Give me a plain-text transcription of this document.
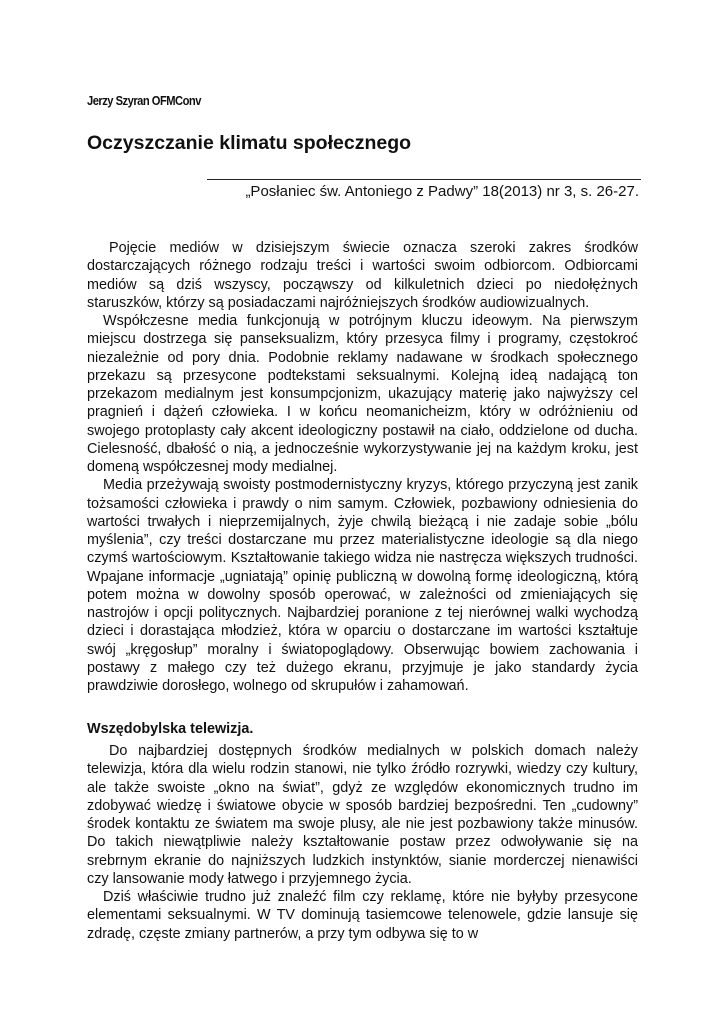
Jerzy Szyran OFMConv
Oczyszczanie klimatu społecznego
„Posłaniec św. Antoniego z Padwy” 18(2013) nr 3, s. 26-27.

Pojęcie mediów w dzisiejszym świecie oznacza szeroki zakres środków dostarczających różnego rodzaju treści i wartości swoim odbiorcom. Odbiorcami mediów są dziś wszyscy, począwszy od kilkuletnich dzieci po niedołężnych staruszków, którzy są posiadaczami najróżniejszych środków audiowizualnych.

Współczesne media funkcjonują w potrójnym kluczu ideowym. Na pierwszym miejscu dostrzega się panseksualizm, który przesyca filmy i programy, częstokroć niezależnie od pory dnia. Podobnie reklamy nadawane w środkach społecznego przekazu są przesycone podtekstami seksualnymi. Kolejną ideą nadającą ton przekazom medialnym jest konsumpcjonizm, ukazujący materię jako najwyższy cel pragnień i dążeń człowieka. I w końcu neomanicheizm, który w odróżnieniu od swojego protoplasty cały akcent ideologiczny postawił na ciało, oddzielone od ducha. Cielesność, dbałość o nią, a jednocześnie wykorzystywanie jej na każdym kroku, jest domeną współczesnej mody medialnej.

Media przeżywają swoisty postmodernistyczny kryzys, którego przyczyną jest zanik tożsamości człowieka i prawdy o nim samym. Człowiek, pozbawiony odniesienia do wartości trwałych i nieprzemijalnych, żyje chwilą bieżącą i nie zadaje sobie „bólu myślenia”, czy treści dostarczane mu przez materialistyczne ideologie są dla niego czymś wartościowym. Kształtowanie takiego widza nie nastręcza większych trudności. Wpajane informacje „ugniatają” opinię publiczną w dowolną formę ideologiczną, którą potem można w dowolny sposób operować, w zależności od zmieniających się nastrojów i opcji politycznych. Najbardziej poranione z tej nierównej walki wychodzą dzieci i dorastająca młodzież, która w oparciu o dostarczane im wartości kształtuje swój „kręgosłup” moralny i światopoglądowy. Obserwując bowiem zachowania i postawy z małego czy też dużego ekranu, przyjmuje je jako standardy życia prawdziwie dorosłego, wolnego od skrupułów i zahamowań.

Wszędobylska telewizja.

Do najbardziej dostępnych środków medialnych w polskich domach należy telewizja, która dla wielu rodzin stanowi, nie tylko źródło rozrywki, wiedzy czy kultury, ale także swoiste „okno na świat”, gdyż ze względów ekonomicznych trudno im zdobywać wiedzę i światowe obycie w sposób bardziej bezpośredni. Ten „cudowny” środek kontaktu ze światem ma swoje plusy, ale nie jest pozbawiony także minusów. Do takich niewątpliwie należy kształtowanie postaw przez odwoływanie się na srebrnym ekranie do najniższych ludzkich instynktów, sianie morderczej nienawiści czy lansowanie mody łatwego i przyjemnego życia.

Dziś właściwie trudno już znaleźć film czy reklamę, które nie byłyby przesycone elementami seksualnymi. W TV dominują tasiemcowe telenowele, gdzie lansuje się zdradę, częste zmiany partnerów, a przy tym odbywa się to w
